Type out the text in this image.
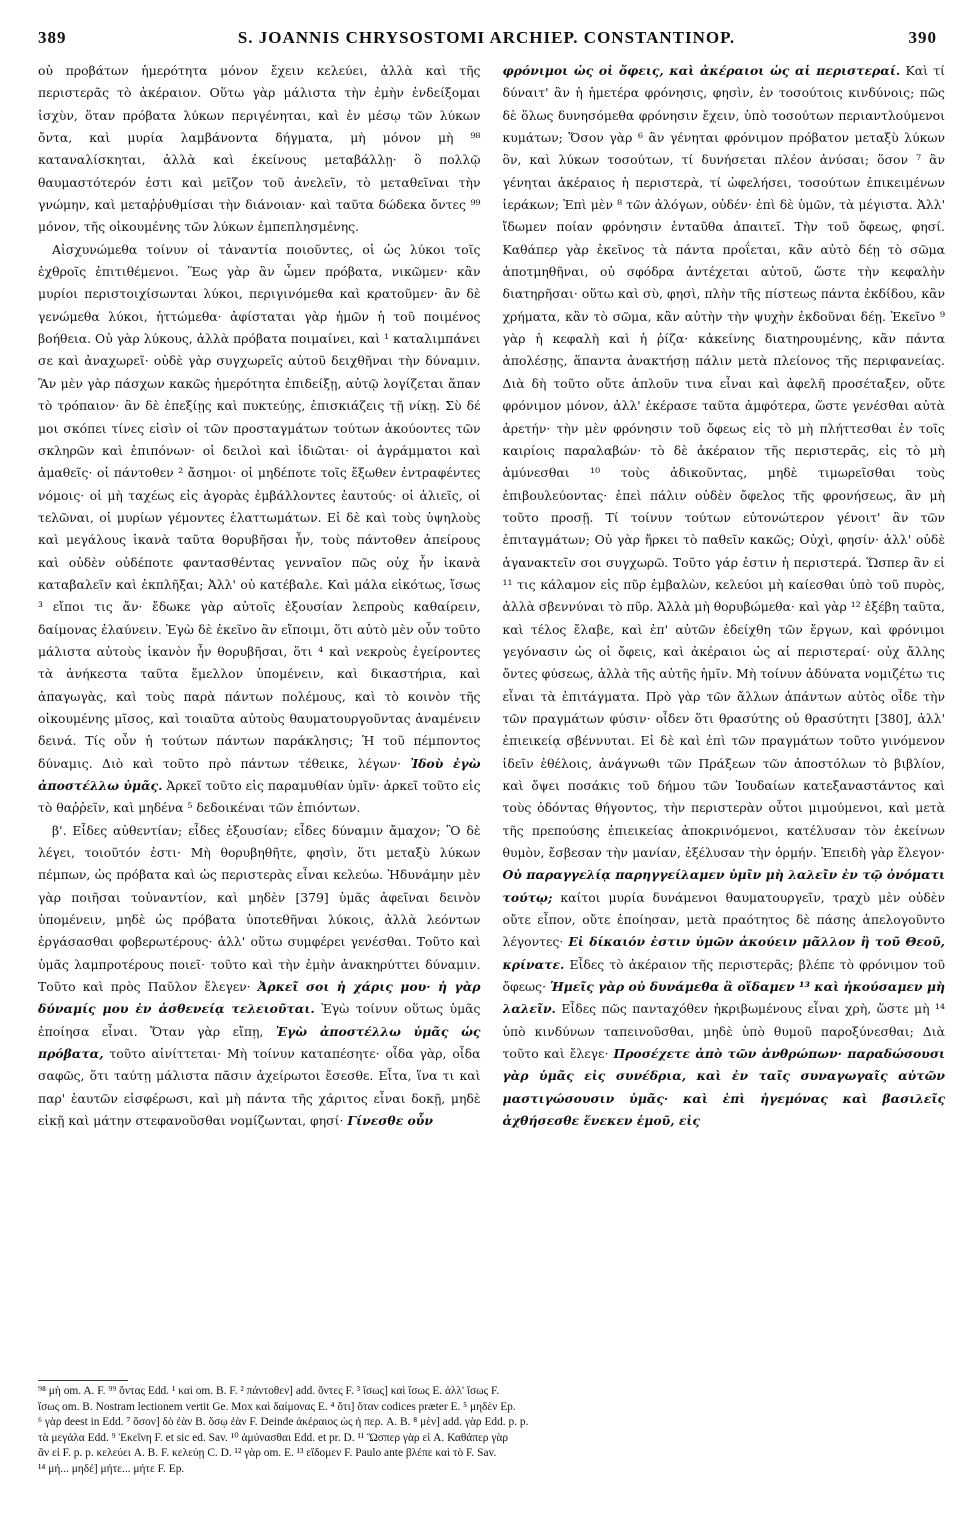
389	S. JOANNIS CHRYSOSTOMI ARCHIEP. CONSTANTINOP.	390

οὐ προβάτων ἡμερότητα μόνον ἔχειν κελεύει, ἀλλὰ καὶ τῆς περιστερᾶς τὸ ἀκέραιον. Οὕτω γὰρ μάλιστα τὴν ἐμὴν ἐνδείξομαι ἰσχὺν, ὅταν πρόβατα λύκων περιγένηται, καὶ ἐν μέσῳ τῶν λύκων ὄντα, καὶ μυρία λαμβάνοντα δήγματα, μὴ μόνον μὴ ⁹⁸ καταναλίσκηται, ἀλλὰ καὶ ἐκείνους μεταβάλλῃ· ὃ πολλῷ θαυμαστότερόν ἐστι καὶ μεῖζον τοῦ ἀνελεῖν, τὸ μεταθεῖναι τὴν γνώμην, καὶ μεταῤῥυθμίσαι τὴν διάνοιαν· καὶ ταῦτα δώδεκα ὄντες ⁹⁹ μόνον, τῆς οἰκουμένης τῶν λύκων ἐμπεπλησμένης.

Αἰσχυνώμεθα τοίνυν οἱ τἀναντία ποιοῦντες, οἱ ὡς λύκοι τοῖς ἐχθροῖς ἐπιτιθέμενοι. Ἕως γὰρ ἂν ὦμεν πρόβατα, νικῶμεν· κἂν μυρίοι περιστοιχίσωνται λύκοι, περιγινόμεθα καὶ κρατοῦμεν· ἂν δὲ γενώμεθα λύκοι, ἡττώμεθα· ἀφίσταται γὰρ ἡμῶν ἡ τοῦ ποιμένος βοήθεια. Οὐ γὰρ λύκους, ἀλλὰ πρόβατα ποιμαίνει, καὶ ¹ καταλιμπάνει σε καὶ ἀναχωρεῖ· οὐδὲ γὰρ συγχωρεῖς αὐτοῦ δειχθῆναι τὴν δύναμιν. Ἂν μὲν γὰρ πάσχων κακῶς ἡμερότητα ἐπιδείξῃ, αὐτῷ λογίζεται ἅπαν τὸ τρόπαιον· ἂν δὲ ἐπεξίῃς καὶ πυκτεύῃς, ἐπισκιάζεις τῇ νίκῃ. Σὺ δέ μοι σκόπει τίνες εἰσὶν οἱ τῶν προσταγμάτων τούτων ἀκούοντες τῶν σκληρῶν καὶ ἐπιπόνων· οἱ δειλοὶ καὶ ἰδιῶται· οἱ ἀγράμματοι καὶ ἀμαθεῖς· οἱ πάντοθεν ² ἄσημοι· οἱ μηδέποτε τοῖς ἔξωθεν ἐντραφέντες νόμοις· οἱ μὴ ταχέως εἰς ἀγορὰς ἐμβάλλοντες ἑαυτούς· οἱ ἁλιεῖς, οἱ τελῶναι, οἱ μυρίων γέμοντες ἐλαττωμάτων. Εἰ δὲ καὶ τοὺς ὑψηλοὺς καὶ μεγάλους ἱκανὰ ταῦτα θορυβῆσαι ἦν, τοὺς πάντοθεν ἀπείρους καὶ οὐδὲν οὐδέποτε φαντασθέντας γενναῖον πῶς οὐχ ἦν ἱκανὰ καταβαλεῖν καὶ ἐκπλῆξαι; Ἀλλ' οὐ κατέβαλε. Καὶ μάλα εἰκότως, ἴσως ³ εἴποι τις ἄν· ἔδωκε γὰρ αὐτοῖς ἐξουσίαν λεπροὺς καθαίρειν, δαίμονας ἐλαύνειν. Ἐγὼ δὲ ἐκεῖνο ἂν εἴποιμι, ὅτι αὐτὸ μὲν οὖν τοῦτο μάλιστα αὐτοὺς ἱκανὸν ἦν θορυβῆσαι, ὅτι ⁴ καὶ νεκροὺς ἐγείροντες τὰ ἀνήκεστα ταῦτα ἔμελλον ὑπομένειν, καὶ δικαστήρια, καὶ ἀπαγωγὰς, καὶ τοὺς παρὰ πάντων πολέμους, καὶ τὸ κοινὸν τῆς οἰκουμένης μῖσος, καὶ τοιαῦτα αὐτοὺς θαυματουργοῦντας ἀναμένειν δεινά. Τίς οὖν ἡ τούτων πάντων παράκλησις; Ἡ τοῦ πέμποντος δύναμις. Διὸ καὶ τοῦτο πρὸ πάντων τέθεικε, λέγων· Ἰδοὺ ἐγὼ ἀποστέλλω ὑμᾶς. Ἀρκεῖ τοῦτο εἰς παραμυθίαν ὑμῖν· ἀρκεῖ τοῦτο εἰς τὸ θαῤῥεῖν, καὶ μηδένα ⁵ δεδοικέναι τῶν ἐπιόντων.

β'. Εἶδες αὐθεντίαν; εἶδες ἐξουσίαν; εἶδες δύναμιν ἄμαχον; Ὃ δὲ λέγει, τοιοῦτόν ἐστι· Μὴ θορυβηθῆτε, φησὶν, ὅτι μεταξὺ λύκων πέμπων, ὡς πρόβατα καὶ ὡς περιστερὰς εἶναι κελεύω. Ἠδυνάμην μὲν γὰρ ποιῆσαι τοὐναντίον, καὶ μηδὲν [379] ὑμᾶς ἀφεῖναι δεινὸν ὑπομένειν, μηδὲ ὡς πρόβατα ὑποτεθῆναι λύκοις, ἀλλὰ λεόντων ἐργάσασθαι φοβερωτέρους· ἀλλ' οὕτω συμφέρει γενέσθαι. Τοῦτο καὶ ὑμᾶς λαμπροτέρους ποιεῖ· τοῦτο καὶ τὴν ἐμὴν ἀνακηρύττει δύναμιν. Τοῦτο καὶ πρὸς Παῦλον ἔλεγεν· Ἀρκεῖ σοι ἡ χάρις μου· ἡ γὰρ δύναμίς μου ἐν ἀσθενείᾳ τελειοῦται. Ἐγὼ τοίνυν οὕτως ὑμᾶς ἐποίησα εἶναι. Ὅταν γὰρ εἴπῃ, Ἐγὼ ἀποστέλλω ὑμᾶς ὡς πρόβατα, τοῦτο αἰνίττεται· Μὴ τοίνυν καταπέσητε· οἶδα γὰρ, οἶδα σαφῶς, ὅτι ταύτῃ μάλιστα πᾶσιν ἀχείρωτοι ἔσεσθε. Εἶτα, ἵνα τι καὶ παρ' ἑαυτῶν εἰσφέρωσι, καὶ μὴ πάντα τῆς χάριτος εἶναι δοκῇ, μηδὲ εἰκῇ καὶ μάτην στεφανοῦσθαι νομίζωνται, φησί· Γίνεσθε οὖν

φρόνιμοι ὡς οἱ ὄφεις, καὶ ἀκέραιοι ὡς αἱ περιστεραί. Καὶ τί δύναιτ' ἂν ἡ ἡμετέρα φρόνησις, φησὶν, ἐν τοσούτοις κινδύνοις; πῶς δὲ ὅλως δυνησόμεθα φρόνησιν ἔχειν, ὑπὸ τοσούτων περιαντλούμενοι κυμάτων; Ὅσον γὰρ ⁶ ἂν γένηται φρόνιμον πρόβατον μεταξὺ λύκων ὂν, καὶ λύκων τοσούτων, τί δυνήσεται πλέον ἀνύσαι; ὅσον ⁷ ἂν γένηται ἀκέραιος ἡ περιστερὰ, τί ὠφελήσει, τοσούτων ἐπικειμένων ἱεράκων; Ἐπὶ μὲν ⁸ τῶν ἀλόγων, οὐδέν· ἐπὶ δὲ ὑμῶν, τὰ μέγιστα. Ἀλλ' ἴδωμεν ποίαν φρόνησιν ἐνταῦθα ἀπαιτεῖ. Τὴν τοῦ ὄφεως, φησί. Καθάπερ γὰρ ἐκεῖνος τὰ πάντα προΐεται, κἂν αὐτὸ δέῃ τὸ σῶμα ἀποτμηθῆναι, οὐ σφόδρα ἀντέχεται αὐτοῦ, ὥστε τὴν κεφαλὴν διατηρῆσαι· οὕτω καὶ σὺ, φησὶ, πλὴν τῆς πίστεως πάντα ἐκδίδου, κἂν χρήματα, κἂν τὸ σῶμα, κἂν αὐτὴν τὴν ψυχὴν ἐκδοῦναι δέῃ. Ἐκεῖνο ⁹ γὰρ ἡ κεφαλὴ καὶ ἡ ῥίζα· κἀκείνης διατηρουμένης, κἂν πάντα ἀπολέσῃς, ἅπαντα ἀνακτήσῃ πάλιν μετὰ πλείονος τῆς περιφανείας. Διὰ δὴ τοῦτο οὔτε ἁπλοῦν τινα εἶναι καὶ ἀφελῆ προσέταξεν, οὔτε φρόνιμον μόνον, ἀλλ' ἐκέρασε ταῦτα ἀμφότερα, ὥστε γενέσθαι αὐτὰ ἀρετήν· τὴν μὲν φρόνησιν τοῦ ὄφεως εἰς τὸ μὴ πλήττεσθαι ἐν τοῖς καιρίοις παραλαβών· τὸ δὲ ἀκέραιον τῆς περιστερᾶς, εἰς τὸ μὴ ἀμύνεσθαι ¹⁰ τοὺς ἀδικοῦντας, μηδὲ τιμωρεῖσθαι τοὺς ἐπιβουλεύοντας· ἐπεὶ πάλιν οὐδὲν ὄφελος τῆς φρονήσεως, ἂν μὴ τοῦτο προσῇ. Τί τοίνυν τούτων εὐτονώτερον γένοιτ' ἂν τῶν ἐπιταγμάτων; Οὐ γὰρ ἤρκει τὸ παθεῖν κακῶς; Οὐχὶ, φησίν· ἀλλ' οὐδὲ ἀγανακτεῖν σοι συγχωρῶ. Τοῦτο γάρ ἐστιν ἡ περιστερά. Ὥσπερ ἂν εἰ ¹¹ τις κάλαμον εἰς πῦρ ἐμβαλὼν, κελεύοι μὴ καίεσθαι ὑπὸ τοῦ πυρὸς, ἀλλὰ σβεννύναι τὸ πῦρ. Ἀλλὰ μὴ θορυβώμεθα· καὶ γὰρ ¹² ἐξέβη ταῦτα, καὶ τέλος ἔλαβε, καὶ ἐπ' αὐτῶν ἐδείχθη τῶν ἔργων, καὶ φρόνιμοι γεγόνασιν ὡς οἱ ὄφεις, καὶ ἀκέραιοι ὡς αἱ περιστεραί· οὐχ ἄλλης ὄντες φύσεως, ἀλλὰ τῆς αὐτῆς ἡμῖν. Μὴ τοίνυν ἀδύνατα νομιζέτω τις εἶναι τὰ ἐπιτάγματα. Πρὸ γὰρ τῶν ἄλλων ἁπάντων αὐτὸς οἶδε τὴν τῶν πραγμάτων φύσιν· οἶδεν ὅτι θρασύτης οὐ θρασύτητι [380], ἀλλ' ἐπιεικείᾳ σβέννυται. Εἰ δὲ καὶ ἐπὶ τῶν πραγμάτων τοῦτο γινόμενον ἰδεῖν ἐθέλοις, ἀνάγνωθι τῶν Πράξεων τῶν ἀποστόλων τὸ βιβλίον, καὶ ὄψει ποσάκις τοῦ δήμου τῶν Ἰουδαίων κατεξαναστάντος καὶ τοὺς ὀδόντας θήγοντος, τὴν περιστερὰν οὗτοι μιμούμενοι, καὶ μετὰ τῆς πρεπούσης ἐπιεικείας ἀποκρινόμενοι, κατέλυσαν τὸν ἐκείνων θυμὸν, ἔσβεσαν τὴν μανίαν, ἐξέλυσαν τὴν ὁρμήν. Ἐπειδὴ γὰρ ἔλεγον· Οὐ παραγγελίᾳ παρηγγείλαμεν ὑμῖν μὴ λαλεῖν ἐν τῷ ὀνόματι τούτῳ; καίτοι μυρία δυνάμενοι θαυματουργεῖν, τραχὺ μὲν οὐδὲν οὔτε εἶπον, οὔτε ἐποίησαν, μετὰ πραότητος δὲ πάσης ἀπελογοῦντο λέγοντες· Εἰ δίκαιόν ἐστιν ὑμῶν ἀκούειν μᾶλλον ἢ τοῦ Θεοῦ, κρίνατε. Εἶδες τὸ ἀκέραιον τῆς περιστερᾶς; βλέπε τὸ φρόνιμον τοῦ ὄφεως· Ἡμεῖς γὰρ οὐ δυνάμεθα ἃ οἴδαμεν ¹³ καὶ ἠκούσαμεν μὴ λαλεῖν. Εἶδες πῶς πανταχόθεν ἠκριβωμένους εἶναι χρὴ, ὥστε μὴ ¹⁴ ὑπὸ κινδύνων ταπεινοῦσθαι, μηδὲ ὑπὸ θυμοῦ παροξύνεσθαι; Διὰ τοῦτο καὶ ἔλεγε· Προσέχετε ἀπὸ τῶν ἀνθρώπων· παραδώσουσι γὰρ ὑμᾶς εἰς συνέδρια, καὶ ἐν ταῖς συναγωγαῖς αὐτῶν μαστιγώσουσιν ὑμᾶς· καὶ ἐπὶ ἡγεμόνας καὶ βασιλεῖς ἀχθήσεσθε ἕνεκεν ἐμοῦ, εἰς

⁹⁸ μὴ om. A. F. ⁹⁹ ὄντας Edd. ¹ καὶ om. B. F. ² πάντοθεν] add. ὄντες F. ³ ἴσως] καὶ ἴσως E. ἀλλ' ἴσως F.

ἴσως om. B. Nostram lectionem vertit Ge. Mox καὶ δαίμονας E. ⁴ ὅτι] ὅταν codices præter E. ⁵ μηδὲν Ep.

⁶ γὰρ deest in Edd. ⁷ ὅσον] δὸ ἐὰν B. ὅσῳ ἐὰν F. Deinde ἀκέραιος ὡς ἡ περ. A. B. ⁸ μὲν] add. γὰρ Edd. p. p.

τὰ μεγάλα Edd. ⁹ Ἐκεῖνη F. et sic ed. Sav. ¹⁰ ἀμύνασθαι Edd. et pr. D. ¹¹ Ὥσπερ γὰρ εἰ A. Καθάπερ γὰρ

ἂν εἰ F. p. p. κελεύει A. B. F. κελεύῃ C. D. ¹² γὰρ om. E. ¹³ εἴδομεν F. Paulo ante βλέπε καὶ τὸ F. Sav.

¹⁴ μή... μηδέ] μήτε... μήτε F. Ep.
